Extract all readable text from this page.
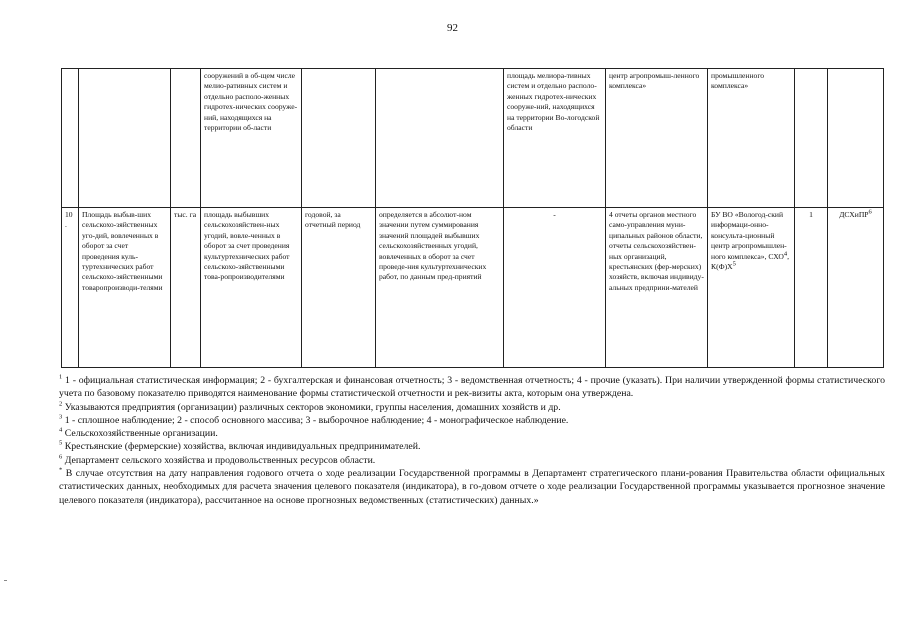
92
			сооружений в об-щем числе мелио-ративных систем и отдельно располо-женных гидротех-нических сооруже-ний, находящихся на территории об-ласти			площадь мелиора-тивных систем и отдельно располо-женных гидротех-нических сооруже-ний, находящихся на территории Во-логодской области	центр агропромыш-ленного комплекса»	промышленного комплекса»		
10
.	Площадь выбыв-ших сельскохо-зяйственных уго-дий, вовлеченных в оборот за счет проведения куль-туртехнических работ сельскохо-зяйственными товаропроизводи-телями	тыс. га	площадь выбывших сельскохозяйствен-ных угодий, вовле-ченных в оборот за счет проведения культуртехнических работ сельскохо-зяйственными това-ропроизводителями	годовой, за отчетный период	определяется в абсолют-ном значении путем суммирования значений площадей выбывших сельскохозяйственных угодий, вовлеченных в оборот за счет проведе-ния культуртехнических работ, по данным пред-приятий	-	4 отчеты органов местного само-управления муни-ципальных районов области, отчеты сельскохозяйствен-ных организаций, крестьянских (фер-мерских) хозяйств, включая индивиду-альных предприни-мателей	БУ ВО «Вологод-ский информаци-онно- консульта-ционный центр агропромышлен-ного комплекса», СХО$^4$, $К(Ф)Х^5$	1	ДСХиПР$^6$

$^1$ 1 - официальная статистическая информация; 2 - бухгалтерская и финансовая отчетность; 3 - ведомственная отчетность; 4 - прочие (указать). При наличии утвержденной формы статистического учета по базовому показателю приводятся наименование формы статистической отчетности и рек-визиты акта, которым она утверждена.

$^2$ Указываются предприятия (организации) различных секторов экономики, группы населения, домашних хозяйств и др.

$^3$ 1 - сплошное наблюдение; 2 - способ основного массива; 3 - выборочное наблюдение; 4 - монографическое наблюдение.

$^4$ Сельскохозяйственные организации.

$^5$ Крестьянские (фермерские) хозяйства, включая индивидуальных предпринимателей.

$^6$ Департамент сельского хозяйства и продовольственных ресурсов области.

* В случае отсутствия на дату направления годового отчета о ходе реализации Государственной программы в Департамент стратегического плани-рования Правительства области официальных статистических данных, необходимых для расчета значения целевого показателя (индикатора), в го-довом отчете о ходе реализации Государственной программы указывается прогнозное значение целевого показателя (индикатора), рассчитанное на основе прогнозных ведомственных (статистических) данных.»
